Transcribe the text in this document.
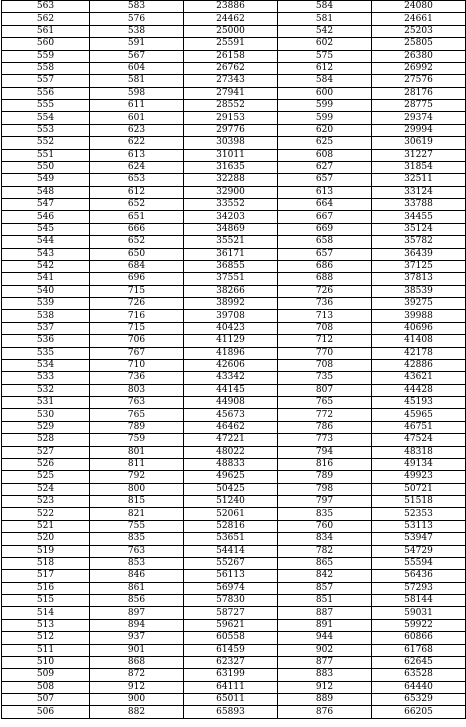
563	583	23886	584	24080
562	576	24462	581	24661
561	538	25000	542	25203
560	591	25591	602	25805
559	567	26158	575	26380
558	604	26762	612	26992
557	581	27343	584	27576
556	598	27941	600	28176
555	611	28552	599	28775
554	601	29153	599	29374
553	623	29776	620	29994
552	622	30398	625	30619
551	613	31011	608	31227
550	624	31635	627	31854
549	653	32288	657	32511
548	612	32900	613	33124
547	652	33552	664	33788
546	651	34203	667	34455
545	666	34869	669	35124
544	652	35521	658	35782
543	650	36171	657	36439
542	684	36855	686	37125
541	696	37551	688	37813
540	715	38266	726	38539
539	726	38992	736	39275
538	716	39708	713	39988
537	715	40423	708	40696
536	706	41129	712	41408
535	767	41896	770	42178
534	710	42606	708	42886
533	736	43342	735	43621
532	803	44145	807	44428
531	763	44908	765	45193
530	765	45673	772	45965
529	789	46462	786	46751
528	759	47221	773	47524
527	801	48022	794	48318
526	811	48833	816	49134
525	792	49625	789	49923
524	800	50425	798	50721
523	815	51240	797	51518
522	821	52061	835	52353
521	755	52816	760	53113
520	835	53651	834	53947
519	763	54414	782	54729
518	853	55267	865	55594
517	846	56113	842	56436
516	861	56974	857	57293
515	856	57830	851	58144
514	897	58727	887	59031
513	894	59621	891	59922
512	937	60558	944	60866
511	901	61459	902	61768
510	868	62327	877	62645
509	872	63199	883	63528
508	912	64111	912	64440
507	900	65011	889	65329
506	882	65893	876	66205
